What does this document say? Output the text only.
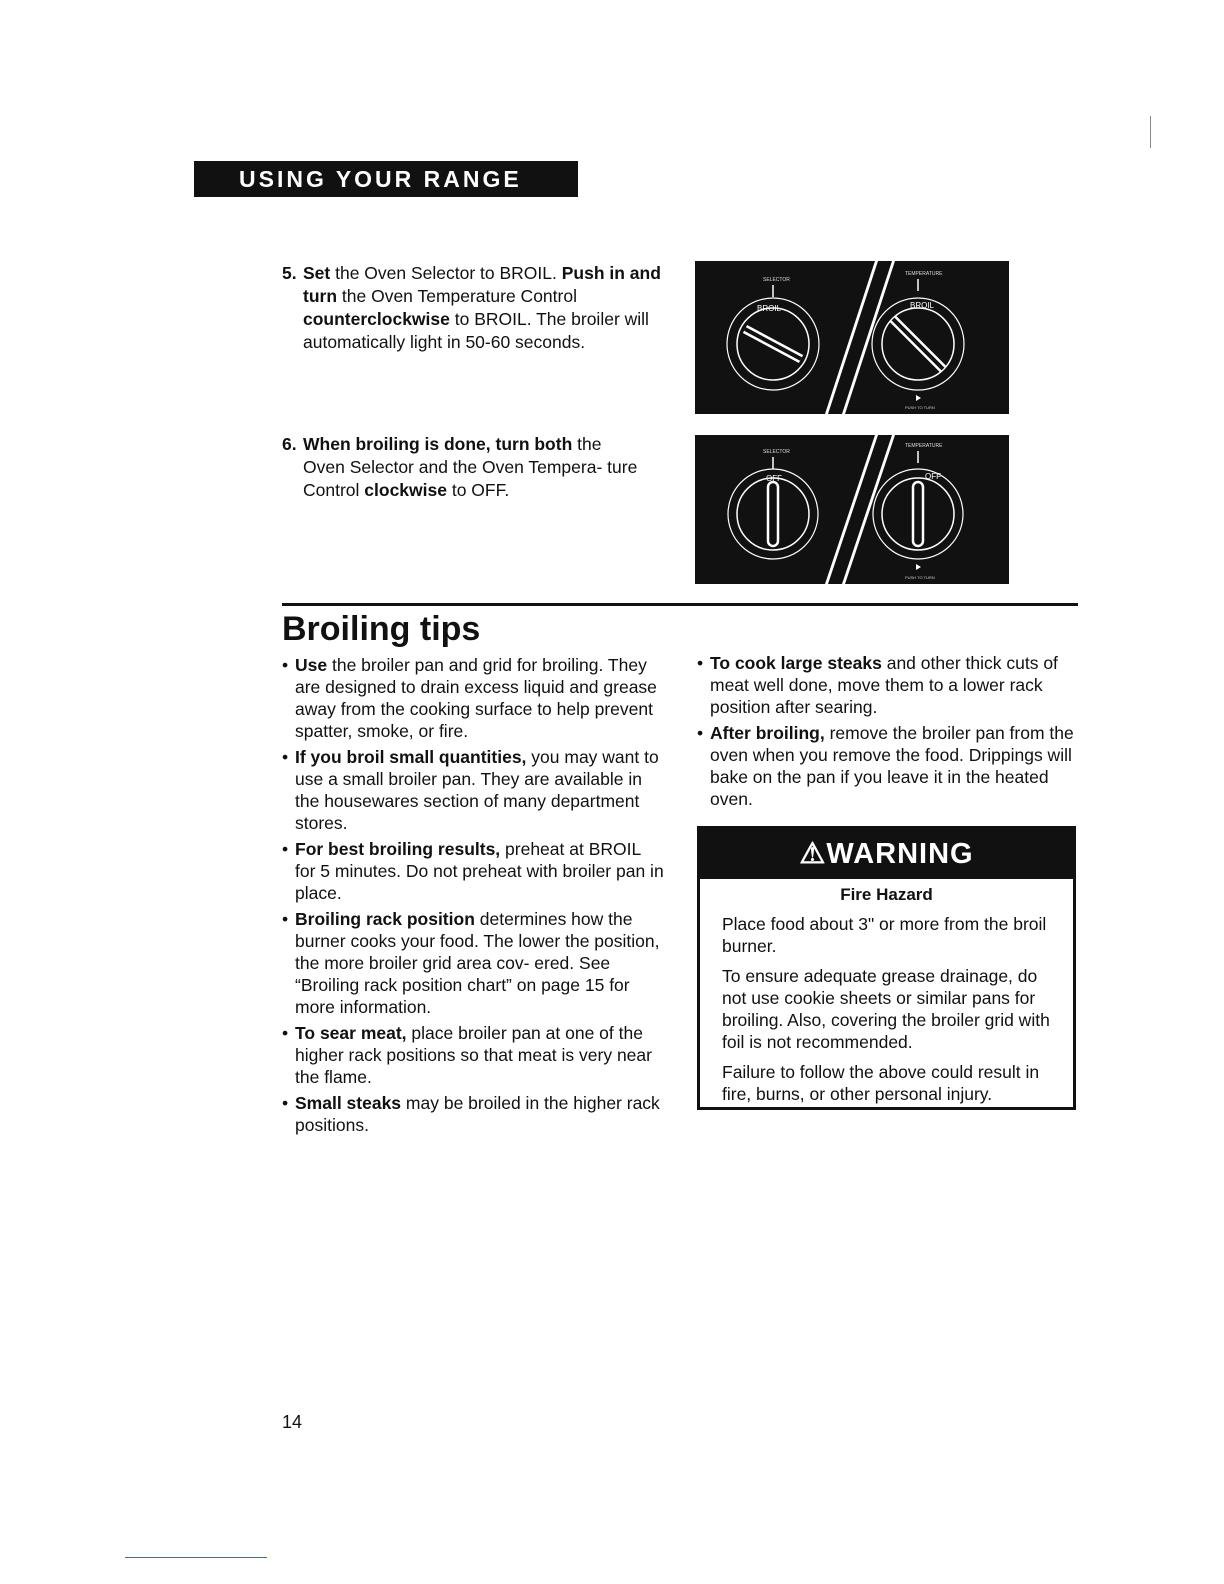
USING YOUR RANGE
5. Set the Oven Selector to BROIL. Push in and turn the Oven Temperature Control counterclockwise to BROIL. The broiler will automatically light in 50-60 seconds.
6. When broiling is done, turn both the Oven Selector and the Oven Tempera- ture Control clockwise to OFF.
SELECTOR
TEMPERATURE
BROIL	BROIL
PUSH TO TURN
SELECTOR
TEMPERATURE
OFF	OFF
PUSH TO TURN
Broiling tips
• Use the broiler pan and grid for broiling. They are designed to drain excess liquid and grease away from the cooking surface to help prevent spatter, smoke, or fire.
• If you broil small quantities, you may want to use a small broiler pan. They are available in the housewares section of many department stores.
• For best broiling results, preheat at BROIL for 5 minutes. Do not preheat with broiler pan in place.
• Broiling rack position determines how the burner cooks your food. The lower the position, the more broiler grid area cov- ered. See “Broiling rack position chart” on page 15 for more information.
• To sear meat, place broiler pan at one of the higher rack positions so that meat is very near the flame.
• Small steaks may be broiled in the higher rack positions.
• To cook large steaks and other thick cuts of meat well done, move them to a lower rack position after searing.
• After broiling, remove the broiler pan from the oven when you remove the food. Drippings will bake on the pan if you leave it in the heated oven.
⚠WARNING
Fire Hazard

Place food about 3" or more from the broil burner.

To ensure adequate grease drainage, do not use cookie sheets or similar pans for broiling. Also, covering the broiler grid with foil is not recommended.

Failure to follow the above could result in fire, burns, or other personal injury.

14
